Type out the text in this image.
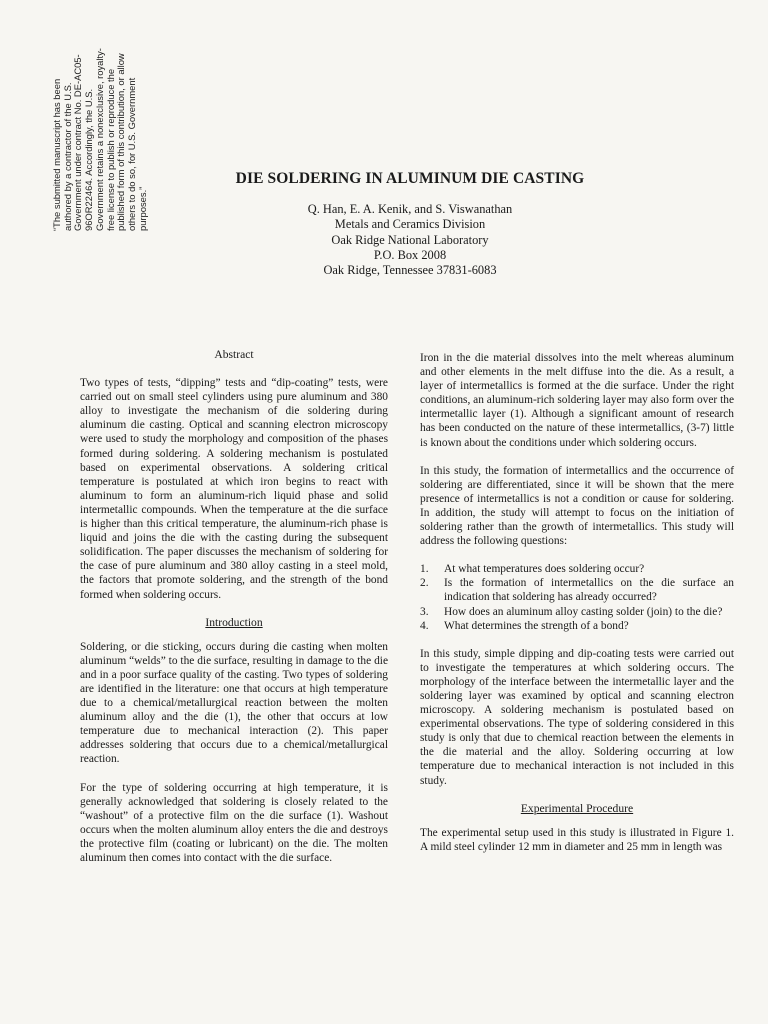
“The submitted manuscript has been authored by a contractor of the U.S. Government under contract No. DE-AC05-96OR22464. Accordingly, the U.S. Government retains a nonexclusive, royalty-free license to publish or reproduce the published form of this contribution, or allow others to do so, for U.S. Government purposes.”
DIE SOLDERING IN ALUMINUM DIE CASTING
Q. Han, E. A. Kenik, and S. Viswanathan
Metals and Ceramics Division
Oak Ridge National Laboratory
P.O. Box 2008
Oak Ridge, Tennessee 37831-6083
Abstract

Two types of tests, “dipping” tests and “dip-coating” tests, were carried out on small steel cylinders using pure aluminum and 380 alloy to investigate the mechanism of die soldering during aluminum die casting. Optical and scanning electron microscopy were used to study the morphology and composition of the phases formed during soldering. A soldering mechanism is postulated based on experimental observations. A soldering critical temperature is postulated at which iron begins to react with aluminum to form an aluminum-rich liquid phase and solid intermetallic compounds. When the temperature at the die surface is higher than this critical temperature, the aluminum-rich phase is liquid and joins the die with the casting during the subsequent solidification. The paper discusses the mechanism of soldering for the case of pure aluminum and 380 alloy casting in a steel mold, the factors that promote soldering, and the strength of the bond formed when soldering occurs.

Introduction

Soldering, or die sticking, occurs during die casting when molten aluminum “welds” to the die surface, resulting in damage to the die and in a poor surface quality of the casting. Two types of soldering are identified in the literature: one that occurs at high temperature due to a chemical/metallurgical reaction between the molten aluminum alloy and the die (1), the other that occurs at low temperature due to mechanical interaction (2). This paper addresses soldering that occurs due to a chemical/metallurgical reaction.

For the type of soldering occurring at high temperature, it is generally acknowledged that soldering is closely related to the “washout” of a protective film on the die surface (1). Washout occurs when the molten aluminum alloy enters the die and destroys the protective film (coating or lubricant) on the die. The molten aluminum then comes into contact with the die surface.

Iron in the die material dissolves into the melt whereas aluminum and other elements in the melt diffuse into the die. As a result, a layer of intermetallics is formed at the die surface. Under the right conditions, an aluminum-rich soldering layer may also form over the intermetallic layer (1). Although a significant amount of research has been conducted on the nature of these intermetallics, (3-7) little is known about the conditions under which soldering occurs.

In this study, the formation of intermetallics and the occurrence of soldering are differentiated, since it will be shown that the mere presence of intermetallics is not a condition or cause for soldering. In addition, the study will attempt to focus on the initiation of soldering rather than the growth of intermetallics. This study will address the following questions:

1.	At what temperatures does soldering occur?
2.	Is the formation of intermetallics on the die surface an indication that soldering has already occurred?
3.	How does an aluminum alloy casting solder (join) to the die?
4.	What determines the strength of a bond?

In this study, simple dipping and dip-coating tests were carried out to investigate the temperatures at which soldering occurs. The morphology of the interface between the intermetallic layer and the soldering layer was examined by optical and scanning electron microscopy. A soldering mechanism is postulated based on experimental observations. The type of soldering considered in this study is only that due to chemical reaction between the elements in the die material and the alloy. Soldering occurring at low temperature due to mechanical interaction is not included in this study.

Experimental Procedure

The experimental setup used in this study is illustrated in Figure 1. A mild steel cylinder 12 mm in diameter and 25 mm in length was
